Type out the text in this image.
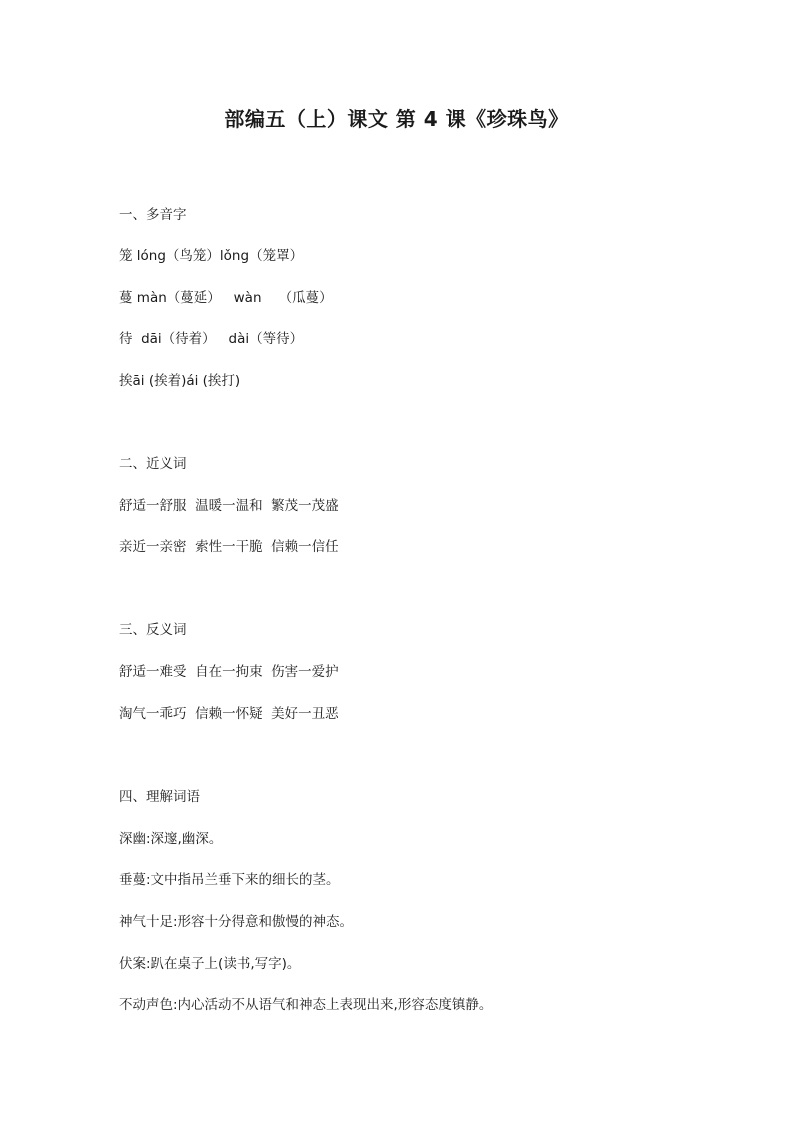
部编五（上）课文 第 4 课《珍珠鸟》
一、多音字
笼 lóng（鸟笼）lǒng（笼罩）
蔓 màn（蔓延）   wàn    （瓜蔓）
待  dāi（待着）   dài（等待）
挨āi (挨着)ái (挨打)
二、近义词
舒适一舒服  温暖一温和  繁茂一茂盛
亲近一亲密  索性一干脆  信赖一信任
三、反义词
舒适一难受  自在一拘束  伤害一爱护
淘气一乖巧  信赖一怀疑  美好一丑恶
四、理解词语
深幽:深邃,幽深。
垂蔓:文中指吊兰垂下来的细长的茎。
神气十足:形容十分得意和傲慢的神态。
伏案:趴在桌子上(读书,写字)。
不动声色:内心活动不从语气和神态上表现出来,形容态度镇静。
